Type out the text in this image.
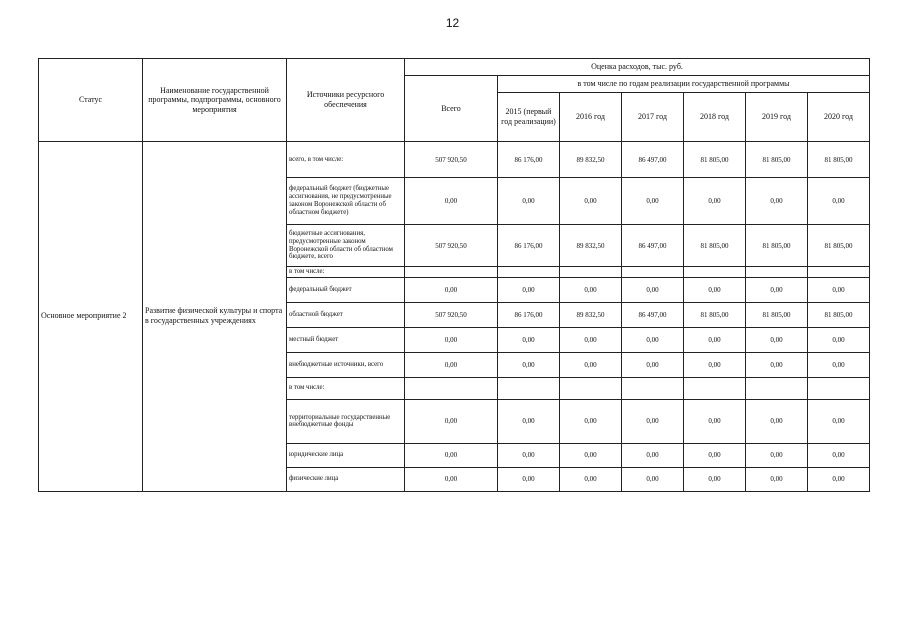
12
Статус	Наименование государственной программы, подпрограммы, основного мероприятия	Источники ресурсного обеспечения	Оценка расходов, тыс. руб.						
			Всего	в том числе по годам реализации государственной программы					
				2015 (первый год реализации)	2016 год	2017 год	2018 год	2019 год	2020 год
Основное мероприятие 2	Развитие физической культуры и спорта в государственных учреждениях	всего, в том числе:	507 920,50	86 176,00	89 832,50	86 497,00	81 805,00	81 805,00	81 805,00
		федеральный бюджет (бюджетные ассигнования, не предусмотренные законом Воронежской области об областном бюджете)	0,00	0,00	0,00	0,00	0,00	0,00	0,00
		бюджетные ассигнования, предусмотренные законом Воронежской области об областном бюджете, всего	507 920,50	86 176,00	89 832,50	86 497,00	81 805,00	81 805,00	81 805,00
		в том числе:							
		федеральный бюджет	0,00	0,00	0,00	0,00	0,00	0,00	0,00
		областной бюджет	507 920,50	86 176,00	89 832,50	86 497,00	81 805,00	81 805,00	81 805,00
		местный бюджет	0,00	0,00	0,00	0,00	0,00	0,00	0,00
		внебюджетные источники, всего	0,00	0,00	0,00	0,00	0,00	0,00	0,00
		в том числе:							
		территориальные государственные внебюджетные фонды	0,00	0,00	0,00	0,00	0,00	0,00	0,00
		юридические лица	0,00	0,00	0,00	0,00	0,00	0,00	0,00
		физические лица	0,00	0,00	0,00	0,00	0,00	0,00	0,00
